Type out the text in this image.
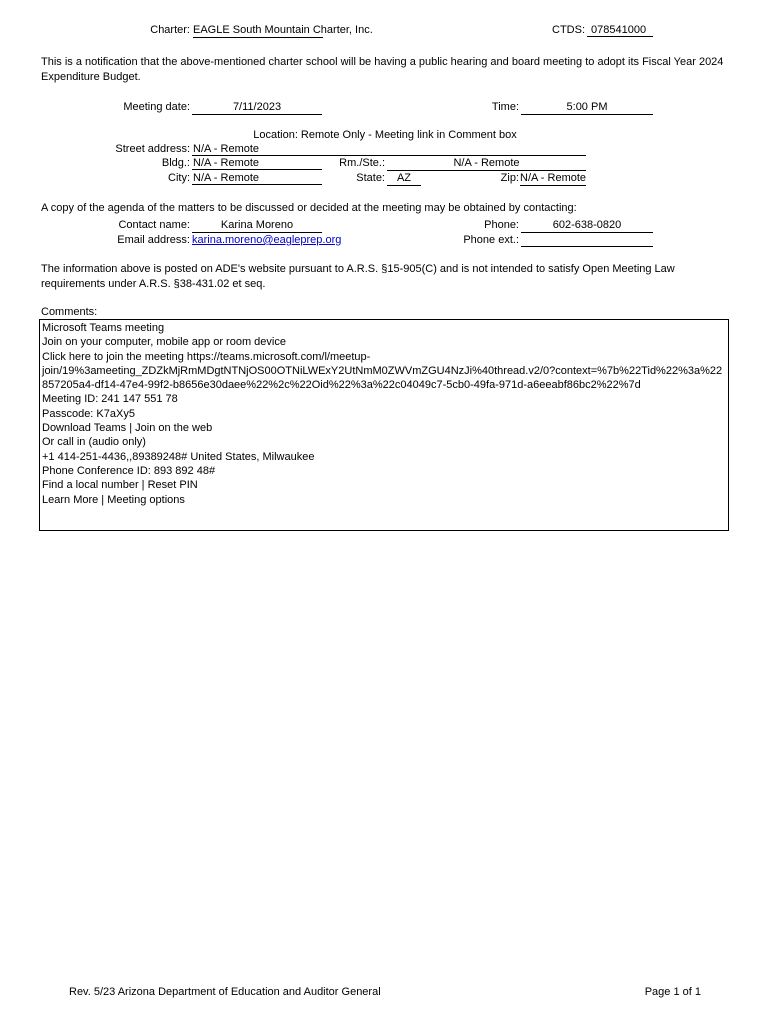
Charter: EAGLE South Mountain Charter, Inc.	CTDS: 078541000
This is a notification that the above-mentioned charter school will be having a public hearing and board meeting to adopt its Fiscal Year 2024 Expenditure Budget.
Meeting date:	7/11/2023	Time:	5:00 PM
Location: Remote Only - Meeting link in Comment box
Street address: N/A - Remote
Bldg.: N/A - Remote	Rm./Ste.:	N/A - Remote
City: N/A - Remote	State:	AZ	Zip: N/A - Remote
A copy of the agenda of the matters to be discussed or decided at the meeting may be obtained by contacting:
Contact name:	Karina Moreno	Phone:	602-638-0820
Email address: karina.moreno@eagleprep.org	Phone ext.:
The information above is posted on ADE's website pursuant to A.R.S. §15-905(C) and is not intended to satisfy Open Meeting Law requirements under A.R.S. §38-431.02 et seq.
Comments:
Microsoft Teams meeting
Join on your computer, mobile app or room device
Click here to join the meeting https://teams.microsoft.com/l/meetup-
join/19%3ameeting_ZDZkMjRmMDgtNTNjOS00OTNiLWExY2UtNmM0ZWVmZGU4NzJi%40thread.v2/0?context=%7b%22Tid%22%3a%22
857205a4-df14-47e4-99f2-b8656e30daee%22%2c%22Oid%22%3a%22c04049c7-5cb0-49fa-971d-a6eeabf86bc2%22%7d
Meeting ID: 241 147 551 78
Passcode: K7aXy5
Download Teams | Join on the web
Or call in (audio only)
+1 414-251-4436,,89389248# United States, Milwaukee
Phone Conference ID: 893 892 48#
Find a local number | Reset PIN
Learn More | Meeting options
Rev. 5/23 Arizona Department of Education and Auditor General	Page 1 of 1
